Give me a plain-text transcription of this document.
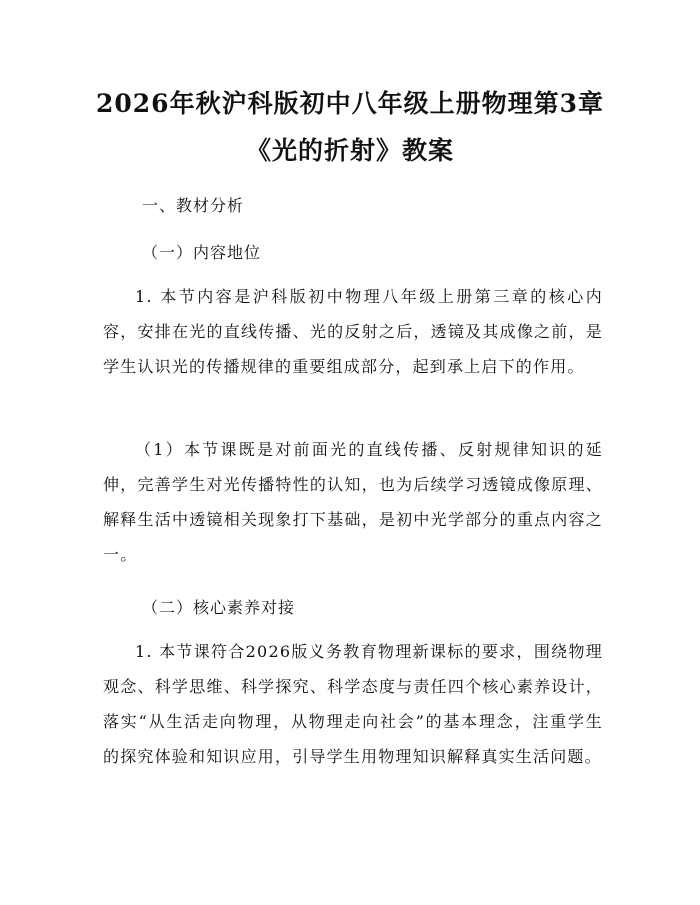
2026年秋沪科版初中八年级上册物理第3章
《光的折射》教案
一、教材分析
（一）内容地位
1. 本节内容是沪科版初中物理八年级上册第三章的核心内容，安排在光的直线传播、光的反射之后，透镜及其成像之前，是学生认识光的传播规律的重要组成部分，起到承上启下的作用。
（1）本节课既是对前面光的直线传播、反射规律知识的延伸，完善学生对光传播特性的认知，也为后续学习透镜成像原理、解释生活中透镜相关现象打下基础，是初中光学部分的重点内容之一。
（二）核心素养对接
1. 本节课符合2026版义务教育物理新课标的要求，围绕物理观念、科学思维、科学探究、科学态度与责任四个核心素养设计，落实“从生活走向物理，从物理走向社会”的基本理念，注重学生的探究体验和知识应用，引导学生用物理知识解释真实生活问题。
